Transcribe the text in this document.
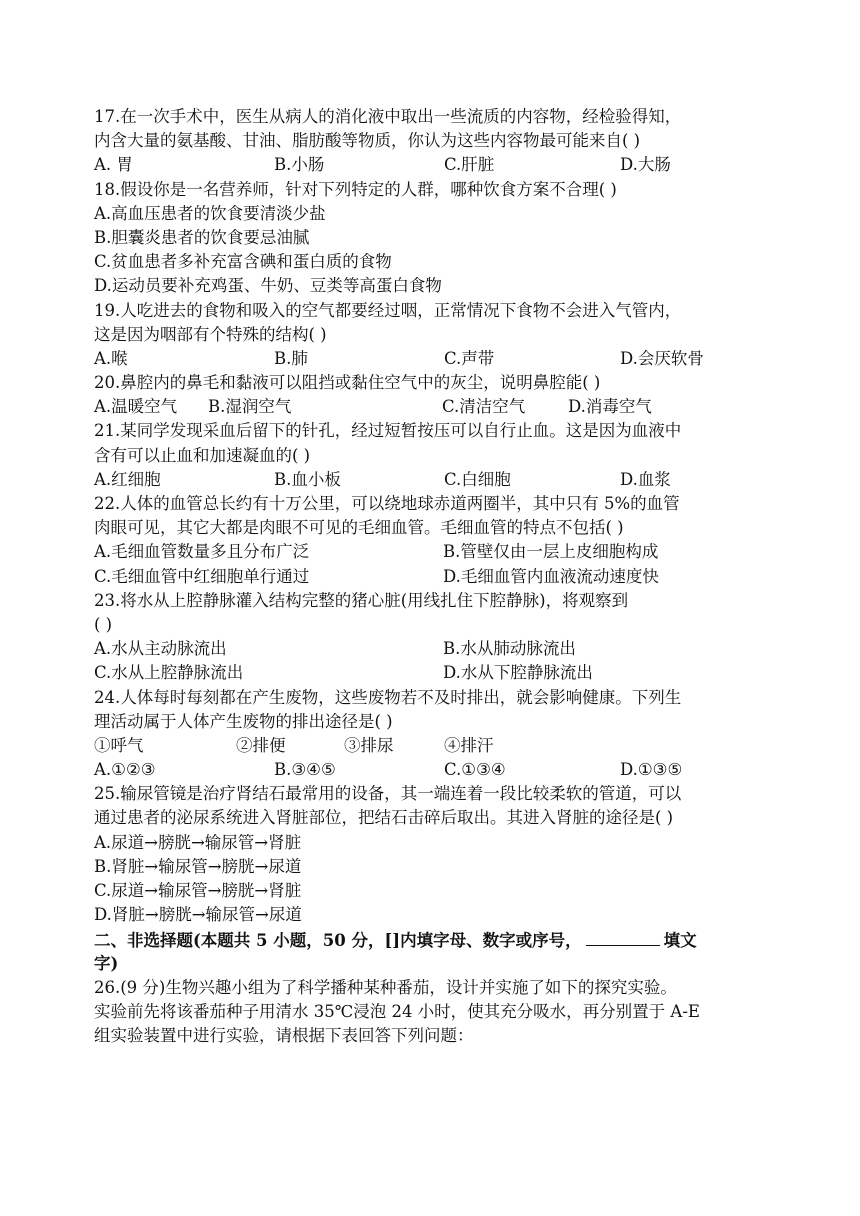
17.在一次手术中，医生从病人的消化液中取出一些流质的内容物，经检验得知，
内含大量的氨基酸、甘油、脂肪酸等物质，你认为这些内容物最可能来自( )
A. 胃	B.小肠	C.肝脏	D.大肠
18.假设你是一名营养师，针对下列特定的人群，哪种饮食方案不合理( )
A.高血压患者的饮食要清淡少盐
B.胆囊炎患者的饮食要忌油腻
C.贫血患者多补充富含碘和蛋白质的食物
D.运动员要补充鸡蛋、牛奶、豆类等高蛋白食物
19.人吃进去的食物和吸入的空气都要经过咽，正常情况下食物不会进入气管内，
这是因为咽部有个特殊的结构( )
A.喉	B.肺	C.声带	D.会厌软骨
20.鼻腔内的鼻毛和黏液可以阻挡或黏住空气中的灰尘，说明鼻腔能( )
A.温暖空气	B.湿润空气	C.清洁空气	D.消毒空气
21.某同学发现采血后留下的针孔，经过短暂按压可以自行止血。这是因为血液中
含有可以止血和加速凝血的( )
A.红细胞	B.血小板	C.白细胞	D.血浆
22.人体的血管总长约有十万公里，可以绕地球赤道两圈半，其中只有 5%的血管
肉眼可见，其它大都是肉眼不可见的毛细血管。毛细血管的特点不包括( )
A.毛细血管数量多且分布广泛	B.管壁仅由一层上皮细胞构成
C.毛细血管中红细胞单行通过	D.毛细血管内血液流动速度快
23.将水从上腔静脉灌入结构完整的猪心脏(用线扎住下腔静脉)，将观察到
( )
A.水从主动脉流出	B.水从肺动脉流出
C.水从上腔静脉流出	D.水从下腔静脉流出
24.人体每时每刻都在产生废物，这些废物若不及时排出，就会影响健康。下列生
理活动属于人体产生废物的排出途径是( )
①呼气	②排便	③排尿	④排汗
A.①②③	B.③④⑤	C.①③④	D.①③⑤
25.输尿管镜是治疗肾结石最常用的设备，其一端连着一段比较柔软的管道，可以
通过患者的泌尿系统进入肾脏部位，把结石击碎后取出。其进入肾脏的途径是( )
A.尿道→膀胱→输尿管→肾脏
B.肾脏→输尿管→膀胱→尿道
C.尿道→输尿管→膀胱→肾脏
D.肾脏→膀胱→输尿管→尿道
二、非选择题(本题共 5 小题，50 分，[]内填字母、数字或序号，	填文
字)
26.(9 分)生物兴趣小组为了科学播种某种番茄，设计并实施了如下的探究实验。
实验前先将该番茄种子用清水 35℃浸泡 24 小时，使其充分吸水，再分别置于 A-E
组实验装置中进行实验，请根据下表回答下列问题：
